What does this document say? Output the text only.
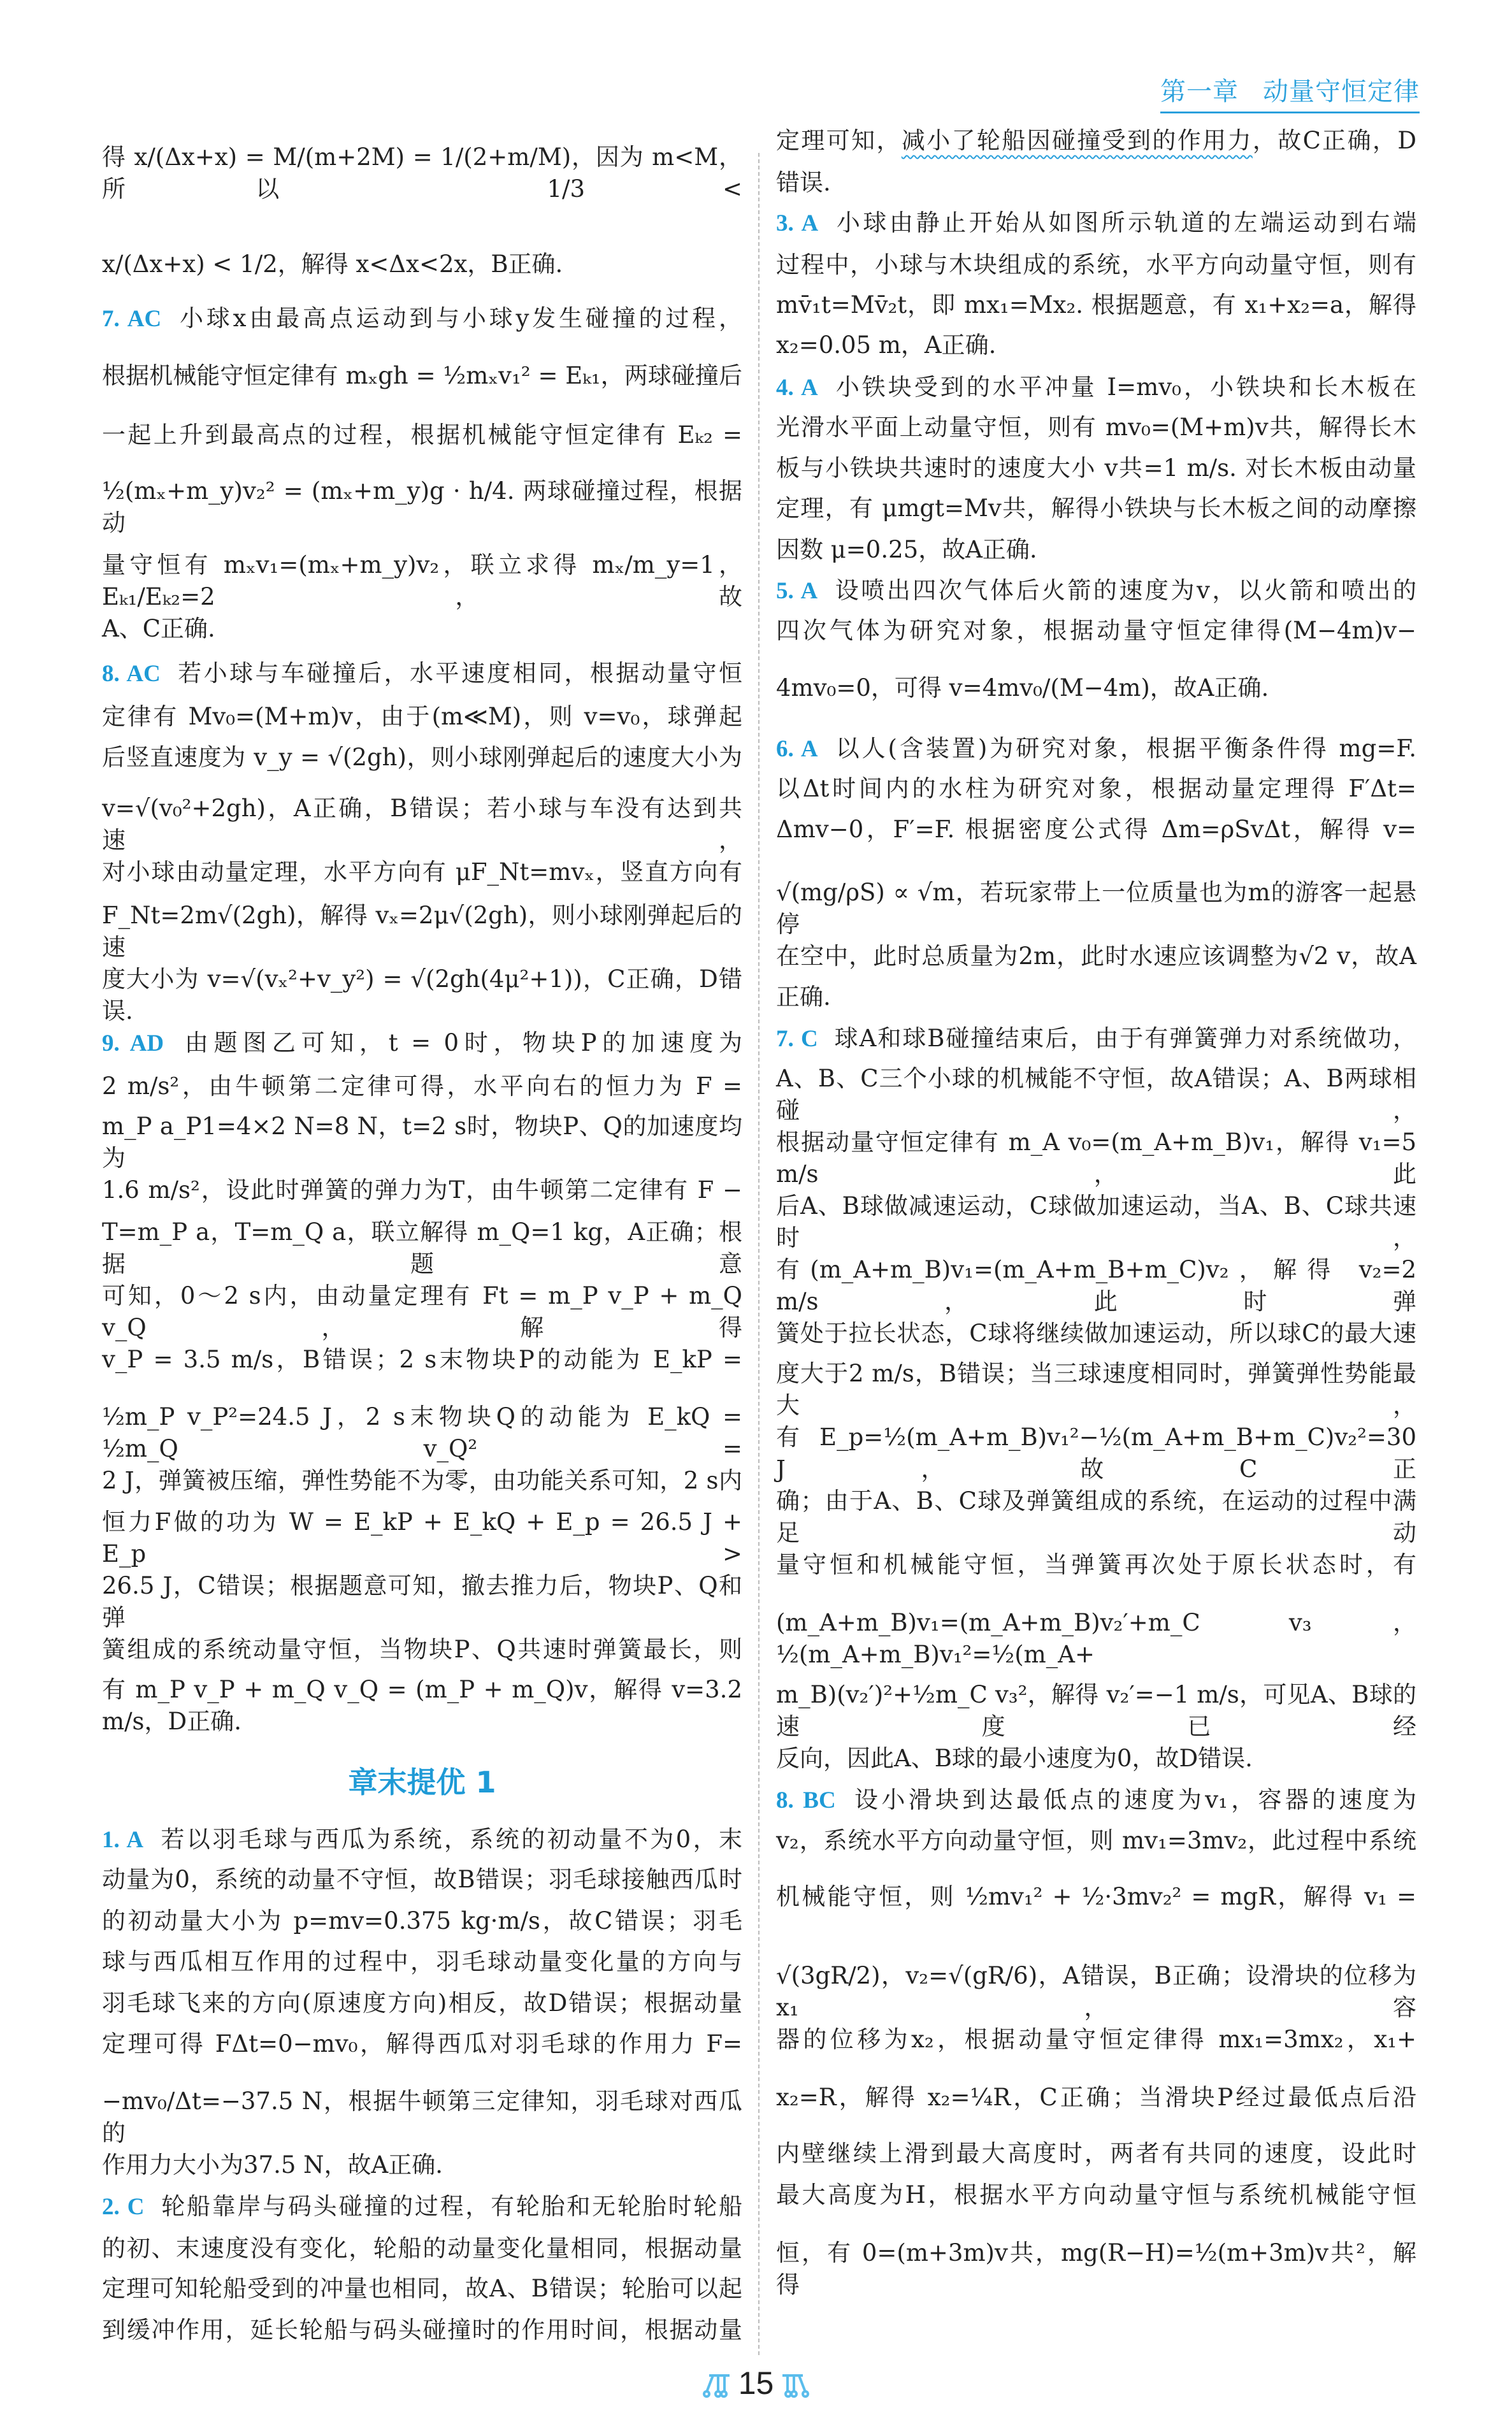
第一章 动量守恒定律
得 x/(Δx+x) = M/(m+2M) = 1/(2+m/M)，因为 m<M，所以 1/3 <
x/(Δx+x) < 1/2，解得 x<Δx<2x，B正确.
7. AC 小球x由最高点运动到与小球y发生碰撞的过程，
根据机械能守恒定律有 mₓgh = ½mₓv₁² = Eₖ₁，两球碰撞后
一起上升到最高点的过程，根据机械能守恒定律有 Eₖ₂ =
½(mₓ+m_y)v₂² = (mₓ+m_y)g · h/4. 两球碰撞过程，根据动
量守恒有 mₓv₁=(mₓ+m_y)v₂，联立求得 mₓ/m_y=1，Eₖ₁/Eₖ₂=2，故
A、C正确.
8. AC 若小球与车碰撞后，水平速度相同，根据动量守恒
定律有 Mv₀=(M+m)v，由于(m≪M)，则 v=v₀，球弹起
后竖直速度为 v_y = √(2gh)，则小球刚弹起后的速度大小为
v=√(v₀²+2gh)，A正确，B错误；若小球与车没有达到共速，
对小球由动量定理，水平方向有 μF_Nt=mvₓ，竖直方向有
F_Nt=2m√(2gh)，解得 vₓ=2μ√(2gh)，则小球刚弹起后的速
度大小为 v=√(vₓ²+v_y²) = √(2gh(4μ²+1))，C正确，D错误.
9. AD 由题图乙可知，t = 0时，物块P的加速度为
2 m/s²，由牛顿第二定律可得，水平向右的恒力为 F =
m_P a_P1=4×2 N=8 N，t=2 s时，物块P、Q的加速度均为
1.6 m/s²，设此时弹簧的弹力为T，由牛顿第二定律有 F −
T=m_P a，T=m_Q a，联立解得 m_Q=1 kg，A正确；根据题意
可知，0～2 s内，由动量定理有 Ft = m_P v_P + m_Q v_Q，解得
v_P = 3.5 m/s，B错误；2 s末物块P的动能为 E_kP =
½m_P v_P²=24.5 J，2 s末物块Q的动能为 E_kQ = ½m_Q v_Q² =
2 J，弹簧被压缩，弹性势能不为零，由功能关系可知，2 s内
恒力F做的功为 W = E_kP + E_kQ + E_p = 26.5 J + E_p >
26.5 J，C错误；根据题意可知，撤去推力后，物块P、Q和弹
簧组成的系统动量守恒，当物块P、Q共速时弹簧最长，则
有 m_P v_P + m_Q v_Q = (m_P + m_Q)v，解得 v=3.2 m/s，D正确.
章末提优 1
1. A 若以羽毛球与西瓜为系统，系统的初动量不为0，末
动量为0，系统的动量不守恒，故B错误；羽毛球接触西瓜时
的初动量大小为 p=mv=0.375 kg·m/s，故C错误；羽毛
球与西瓜相互作用的过程中，羽毛球动量变化量的方向与
羽毛球飞来的方向(原速度方向)相反，故D错误；根据动量
定理可得 FΔt=0−mv₀，解得西瓜对羽毛球的作用力 F=
−mv₀/Δt=−37.5 N，根据牛顿第三定律知，羽毛球对西瓜的
作用力大小为37.5 N，故A正确.
2. C 轮船靠岸与码头碰撞的过程，有轮胎和无轮胎时轮船
的初、末速度没有变化，轮船的动量变化量相同，根据动量
定理可知轮船受到的冲量也相同，故A、B错误；轮胎可以起
到缓冲作用，延长轮船与码头碰撞时的作用时间，根据动量
定理可知，减小了轮船因碰撞受到的作用力，故C正确，D
错误.
3. A 小球由静止开始从如图所示轨道的左端运动到右端
过程中，小球与木块组成的系统，水平方向动量守恒，则有
mv̄₁t=Mv̄₂t，即 mx₁=Mx₂. 根据题意，有 x₁+x₂=a，解得
x₂=0.05 m，A正确.
4. A 小铁块受到的水平冲量 I=mv₀，小铁块和长木板在
光滑水平面上动量守恒，则有 mv₀=(M+m)v共，解得长木
板与小铁块共速时的速度大小 v共=1 m/s. 对长木板由动量
定理，有 μmgt=Mv共，解得小铁块与长木板之间的动摩擦
因数 μ=0.25，故A正确.
5. A 设喷出四次气体后火箭的速度为v，以火箭和喷出的
四次气体为研究对象，根据动量守恒定律得(M−4m)v−
4mv₀=0，可得 v=4mv₀/(M−4m)，故A正确.
6. A 以人(含装置)为研究对象，根据平衡条件得 mg=F.
以Δt时间内的水柱为研究对象，根据动量定理得 F′Δt=
Δmv−0，F′=F. 根据密度公式得 Δm=ρSvΔt，解得 v=
√(mg/ρS) ∝ √m，若玩家带上一位质量也为m的游客一起悬停
在空中，此时总质量为2m，此时水速应该调整为√2 v，故A
正确.
7. C 球A和球B碰撞结束后，由于有弹簧弹力对系统做功，
A、B、C三个小球的机械能不守恒，故A错误；A、B两球相碰，
根据动量守恒定律有 m_A v₀=(m_A+m_B)v₁，解得 v₁=5 m/s，此
后A、B球做减速运动，C球做加速运动，当A、B、C球共速时，
有(m_A+m_B)v₁=(m_A+m_B+m_C)v₂，解得 v₂=2 m/s，此时弹
簧处于拉长状态，C球将继续做加速运动，所以球C的最大速
度大于2 m/s，B错误；当三球速度相同时，弹簧弹性势能最大，
有 E_p=½(m_A+m_B)v₁²−½(m_A+m_B+m_C)v₂²=30 J，故C正
确；由于A、B、C球及弹簧组成的系统，在运动的过程中满足动
量守恒和机械能守恒，当弹簧再次处于原长状态时，有
(m_A+m_B)v₁=(m_A+m_B)v₂′+m_C v₃，½(m_A+m_B)v₁²=½(m_A+
m_B)(v₂′)²+½m_C v₃²，解得 v₂′=−1 m/s，可见A、B球的速度已经
反向，因此A、B球的最小速度为0，故D错误.
8. BC 设小滑块到达最低点的速度为v₁，容器的速度为
v₂，系统水平方向动量守恒，则 mv₁=3mv₂，此过程中系统
机械能守恒，则 ½mv₁² + ½·3mv₂² = mgR，解得 v₁ =
√(3gR/2)，v₂=√(gR/6)，A错误，B正确；设滑块的位移为x₁，容
器的位移为x₂，根据动量守恒定律得 mx₁=3mx₂，x₁+
x₂=R，解得 x₂=¼R，C正确；当滑块P经过最低点后沿
内壁继续上滑到最大高度时，两者有共同的速度，设此时
最大高度为H，根据水平方向动量守恒与系统机械能守恒
恒，有 0=(m+3m)v共，mg(R−H)=½(m+3m)v共²，解得
15
